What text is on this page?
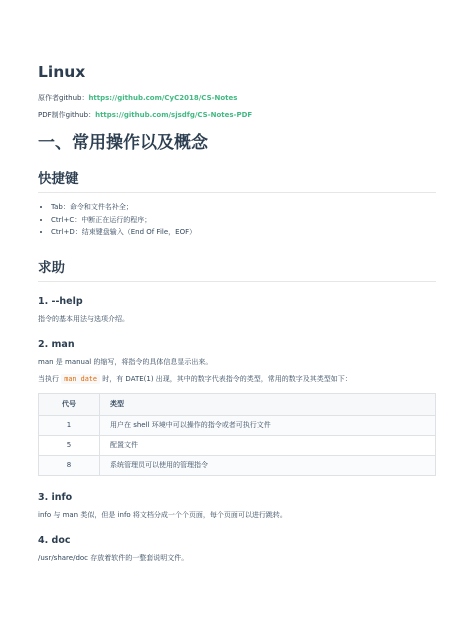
Linux

原作者github：https://github.com/CyC2018/CS-Notes

PDF制作github：https://github.com/sjsdfg/CS-Notes-PDF

一、常用操作以及概念
快捷键
• Tab：命令和文件名补全；
• Ctrl+C：中断正在运行的程序；
• Ctrl+D：结束键盘输入（End Of File，EOF）
求助
1. --help

指令的基本用法与选项介绍。

2. man

man 是 manual 的缩写，将指令的具体信息显示出来。

当执行 man date 时，有 DATE(1) 出现，其中的数字代表指令的类型，常用的数字及其类型如下：

代号	类型
1	用户在 shell 环境中可以操作的指令或者可执行文件
5	配置文件
8	系统管理员可以使用的管理指令
3. info

info 与 man 类似，但是 info 将文档分成一个个页面，每个页面可以进行跳转。

4. doc

/usr/share/doc 存放着软件的一整套说明文件。
